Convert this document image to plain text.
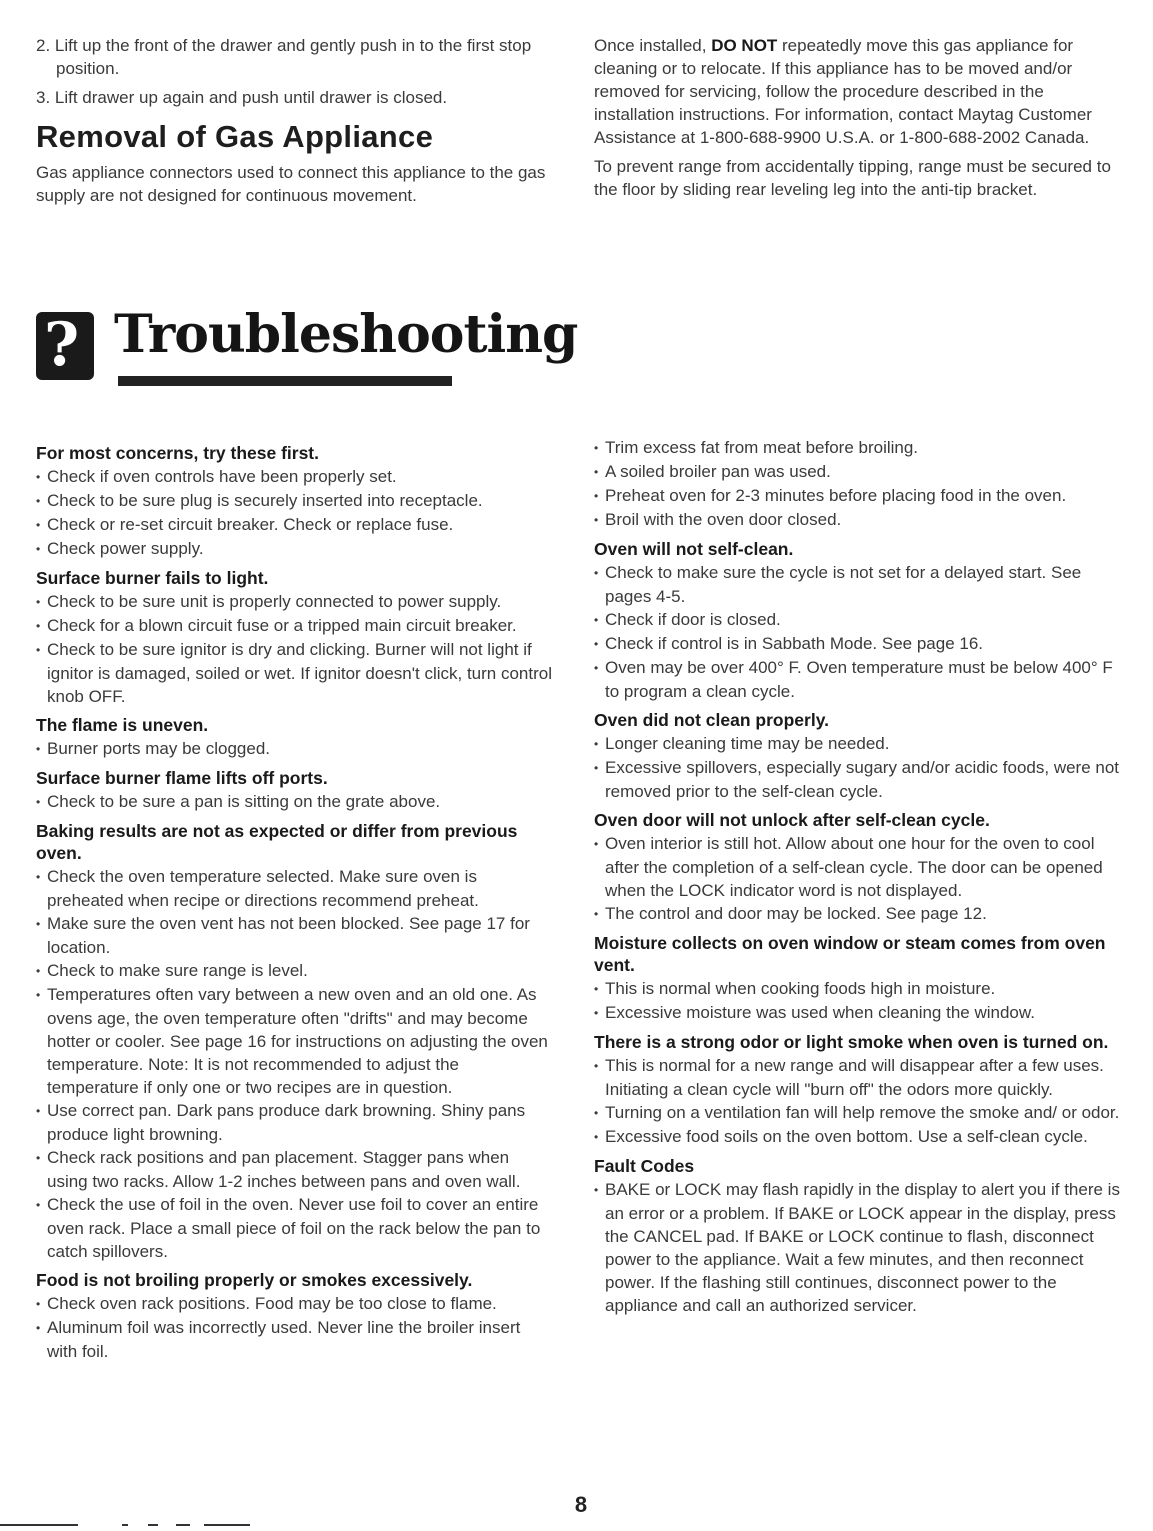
2. Lift up the front of the drawer and gently push in to the first stop position.

3. Lift drawer up again and push until drawer is closed.

Removal of Gas Appliance

Gas appliance connectors used to connect this appliance to the gas supply are not designed for continuous movement.

Once installed, DO NOT repeatedly move this gas appliance for cleaning or to relocate. If this appliance has to be moved and/or removed for servicing, follow the procedure described in the installation instructions. For information, contact Maytag Customer Assistance at 1-800-688-9900 U.S.A. or 1-800-688-2002 Canada.

To prevent range from accidentally tipping, range must be secured to the floor by sliding rear leveling leg into the anti-tip bracket.

? Troubleshooting
For most concerns, try these first.
• Check if oven controls have been properly set.
• Check to be sure plug is securely inserted into receptacle.
• Check or re-set circuit breaker. Check or replace fuse.
• Check power supply.
Surface burner fails to light.
• Check to be sure unit is properly connected to power supply.
• Check for a blown circuit fuse or a tripped main circuit breaker.
• Check to be sure ignitor is dry and clicking. Burner will not light if ignitor is damaged, soiled or wet. If ignitor doesn't click, turn control knob OFF.
The flame is uneven.
• Burner ports may be clogged.
Surface burner flame lifts off ports.
• Check to be sure a pan is sitting on the grate above.
Baking results are not as expected or differ from previous oven.
• Check the oven temperature selected. Make sure oven is preheated when recipe or directions recommend preheat.
• Make sure the oven vent has not been blocked. See page 17 for location.
• Check to make sure range is level.
• Temperatures often vary between a new oven and an old one. As ovens age, the oven temperature often "drifts" and may become hotter or cooler. See page 16 for instructions on adjusting the oven temperature. Note: It is not recommended to adjust the temperature if only one or two recipes are in question.
• Use correct pan. Dark pans produce dark browning. Shiny pans produce light browning.
• Check rack positions and pan placement. Stagger pans when using two racks. Allow 1-2 inches between pans and oven wall.
• Check the use of foil in the oven. Never use foil to cover an entire oven rack. Place a small piece of foil on the rack below the pan to catch spillovers.
Food is not broiling properly or smokes excessively.
• Check oven rack positions. Food may be too close to flame.
• Aluminum foil was incorrectly used. Never line the broiler insert with foil.
• Trim excess fat from meat before broiling.
• A soiled broiler pan was used.
• Preheat oven for 2-3 minutes before placing food in the oven.
• Broil with the oven door closed.
Oven will not self-clean.
• Check to make sure the cycle is not set for a delayed start. See pages 4-5.
• Check if door is closed.
• Check if control is in Sabbath Mode. See page 16.
• Oven may be over 400° F. Oven temperature must be below 400° F to program a clean cycle.
Oven did not clean properly.
• Longer cleaning time may be needed.
• Excessive spillovers, especially sugary and/or acidic foods, were not removed prior to the self-clean cycle.
Oven door will not unlock after self-clean cycle.
• Oven interior is still hot. Allow about one hour for the oven to cool after the completion of a self-clean cycle. The door can be opened when the LOCK indicator word is not displayed.
• The control and door may be locked. See page 12.
Moisture collects on oven window or steam comes from oven vent.
• This is normal when cooking foods high in moisture.
• Excessive moisture was used when cleaning the window.
There is a strong odor or light smoke when oven is turned on.
• This is normal for a new range and will disappear after a few uses. Initiating a clean cycle will "burn off" the odors more quickly.
• Turning on a ventilation fan will help remove the smoke and/ or odor.
• Excessive food soils on the oven bottom. Use a self-clean cycle.
Fault Codes
• BAKE or LOCK may flash rapidly in the display to alert you if there is an error or a problem. If BAKE or LOCK appear in the display, press the CANCEL pad. If BAKE or LOCK continue to flash, disconnect power to the appliance. Wait a few minutes, and then reconnect power. If the flashing still continues, disconnect power to the appliance and call an authorized servicer.
8
